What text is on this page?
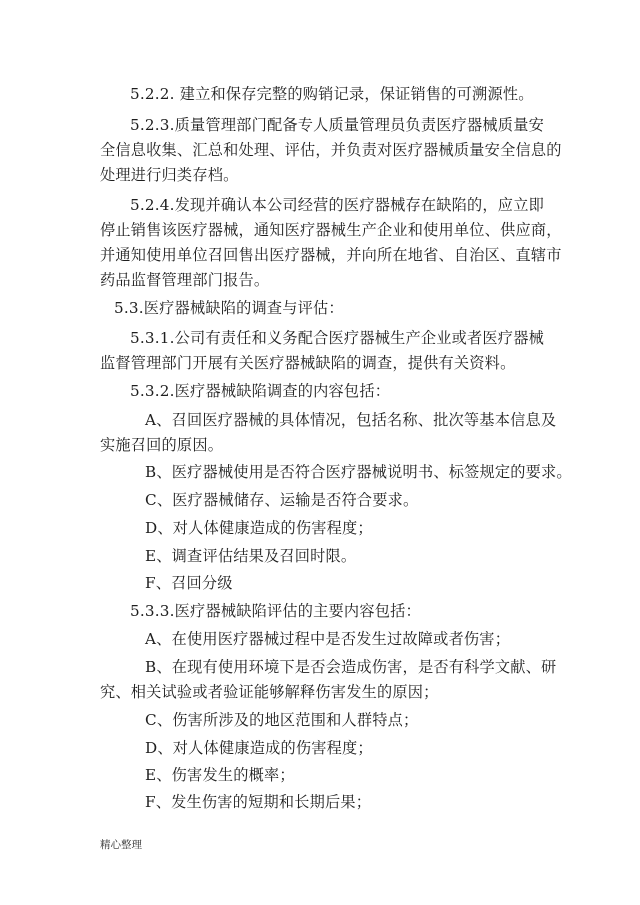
5.2.2. 建立和保存完整的购销记录，保证销售的可溯源性。
5.2.3.质量管理部门配备专人质量管理员负责医疗器械质量安
全信息收集、汇总和处理、评估，并负责对医疗器械质量安全信息的
处理进行归类存档。
5.2.4.发现并确认本公司经营的医疗器械存在缺陷的，应立即
停止销售该医疗器械，通知医疗器械生产企业和使用单位、供应商，
并通知使用单位召回售出医疗器械，并向所在地省、自治区、直辖市
药品监督管理部门报告。
5.3.医疗器械缺陷的调查与评估：
5.3.1.公司有责任和义务配合医疗器械生产企业或者医疗器械
监督管理部门开展有关医疗器械缺陷的调查，提供有关资料。
5.3.2.医疗器械缺陷调查的内容包括：
A、召回医疗器械的具体情况，包括名称、批次等基本信息及
实施召回的原因。
B、医疗器械使用是否符合医疗器械说明书、标签规定的要求。
C、医疗器械储存、运输是否符合要求。
D、对人体健康造成的伤害程度；
E、调查评估结果及召回时限。
F、召回分级
5.3.3.医疗器械缺陷评估的主要内容包括：
A、在使用医疗器械过程中是否发生过故障或者伤害；
B、在现有使用环境下是否会造成伤害，是否有科学文献、研
究、相关试验或者验证能够解释伤害发生的原因；
C、伤害所涉及的地区范围和人群特点；
D、对人体健康造成的伤害程度；
E、伤害发生的概率；
F、发生伤害的短期和长期后果；
精心整理
